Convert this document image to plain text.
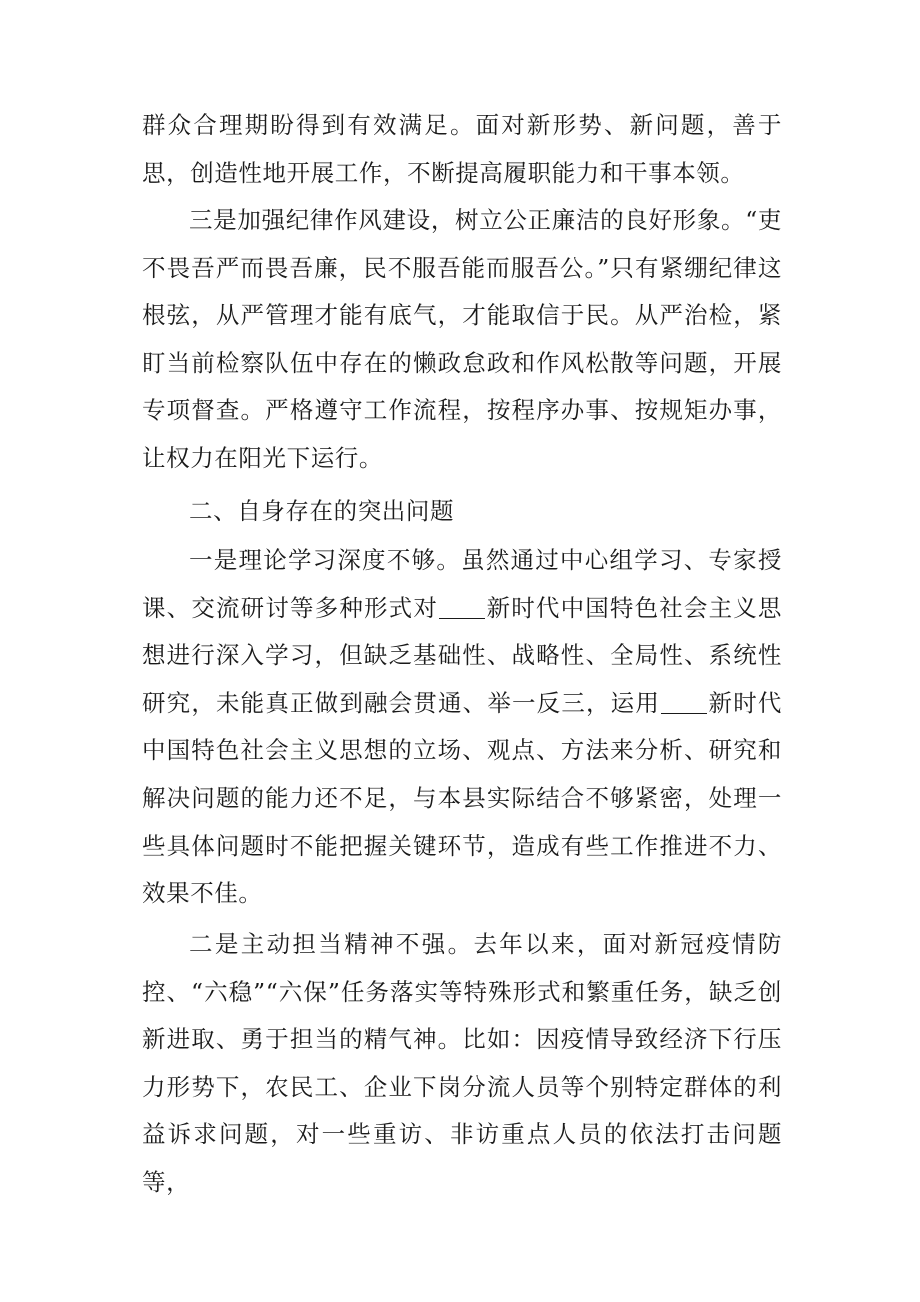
群众合理期盼得到有效满足。面对新形势、新问题，善于思，创造性地开展工作，不断提高履职能力和干事本领。

三是加强纪律作风建设，树立公正廉洁的良好形象。“吏不畏吾严而畏吾廉，民不服吾能而服吾公。”只有紧绷纪律这根弦，从严管理才能有底气，才能取信于民。从严治检，紧盯当前检察队伍中存在的懒政怠政和作风松散等问题，开展专项督查。严格遵守工作流程，按程序办事、按规矩办事，让权力在阳光下运行。

二、自身存在的突出问题

一是理论学习深度不够。虽然通过中心组学习、专家授课、交流研讨等多种形式对 新时代中国特色社会主义思想进行深入学习，但缺乏基础性、战略性、全局性、系统性研究，未能真正做到融会贯通、举一反三，运用 新时代中国特色社会主义思想的立场、观点、方法来分析、研究和解决问题的能力还不足，与本县实际结合不够紧密，处理一些具体问题时不能把握关键环节，造成有些工作推进不力、效果不佳。

二是主动担当精神不强。去年以来，面对新冠疫情防控、“六稳”“六保”任务落实等特殊形式和繁重任务，缺乏创新进取、勇于担当的精气神。比如：因疫情导致经济下行压力形势下，农民工、企业下岗分流人员等个别特定群体的利益诉求问题，对一些重访、非访重点人员的依法打击问题等，
